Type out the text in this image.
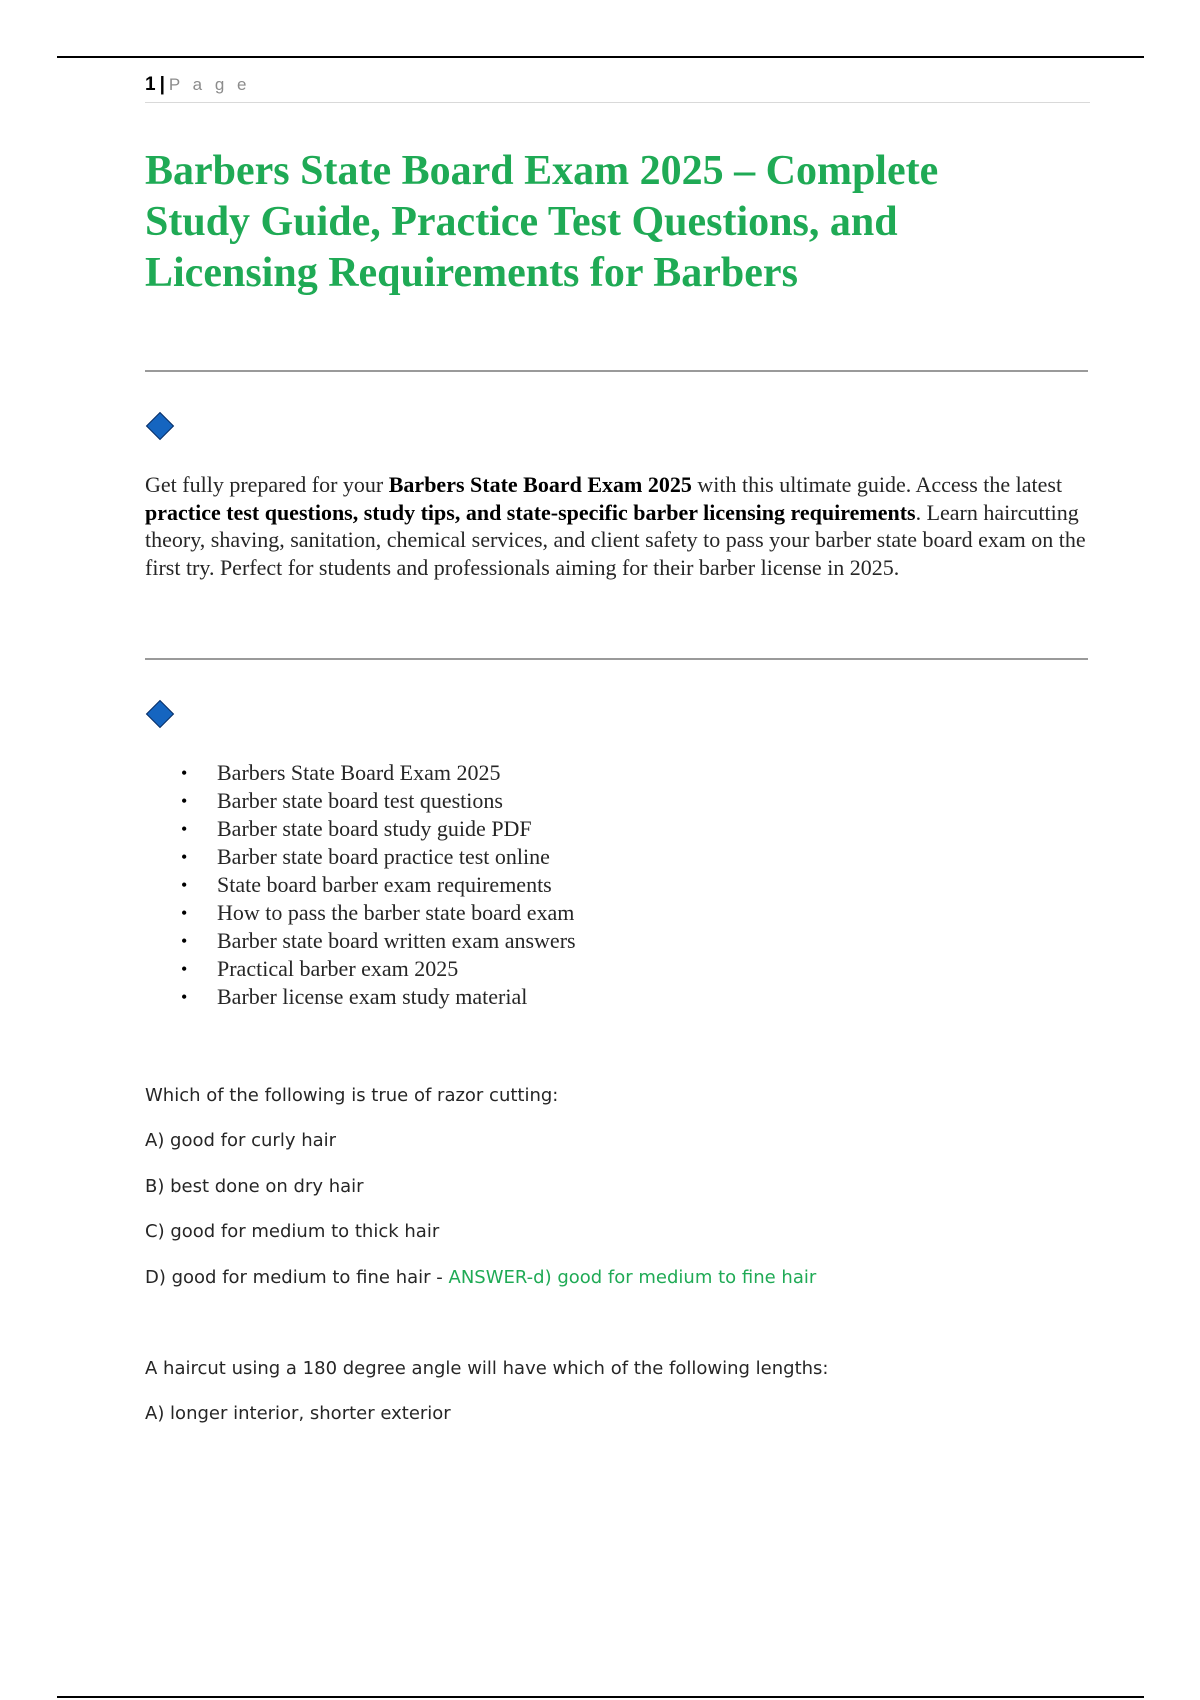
1 | P a g e
Barbers State Board Exam 2025 – Complete Study Guide, Practice Test Questions, and Licensing Requirements for Barbers

Get fully prepared for your Barbers State Board Exam 2025 with this ultimate guide. Access the latest practice test questions, study tips, and state-specific barber licensing requirements. Learn haircutting theory, shaving, sanitation, chemical services, and client safety to pass your barber state board exam on the first try. Perfect for students and professionals aiming for their barber license in 2025.

• Barbers State Board Exam 2025
• Barber state board test questions
• Barber state board study guide PDF
• Barber state board practice test online
• State board barber exam requirements
• How to pass the barber state board exam
• Barber state board written exam answers
• Practical barber exam 2025
• Barber license exam study material

Which of the following is true of razor cutting:

A) good for curly hair

B) best done on dry hair

C) good for medium to thick hair

D) good for medium to fine hair - ANSWER-d) good for medium to fine hair

A haircut using a 180 degree angle will have which of the following lengths:

A) longer interior, shorter exterior
